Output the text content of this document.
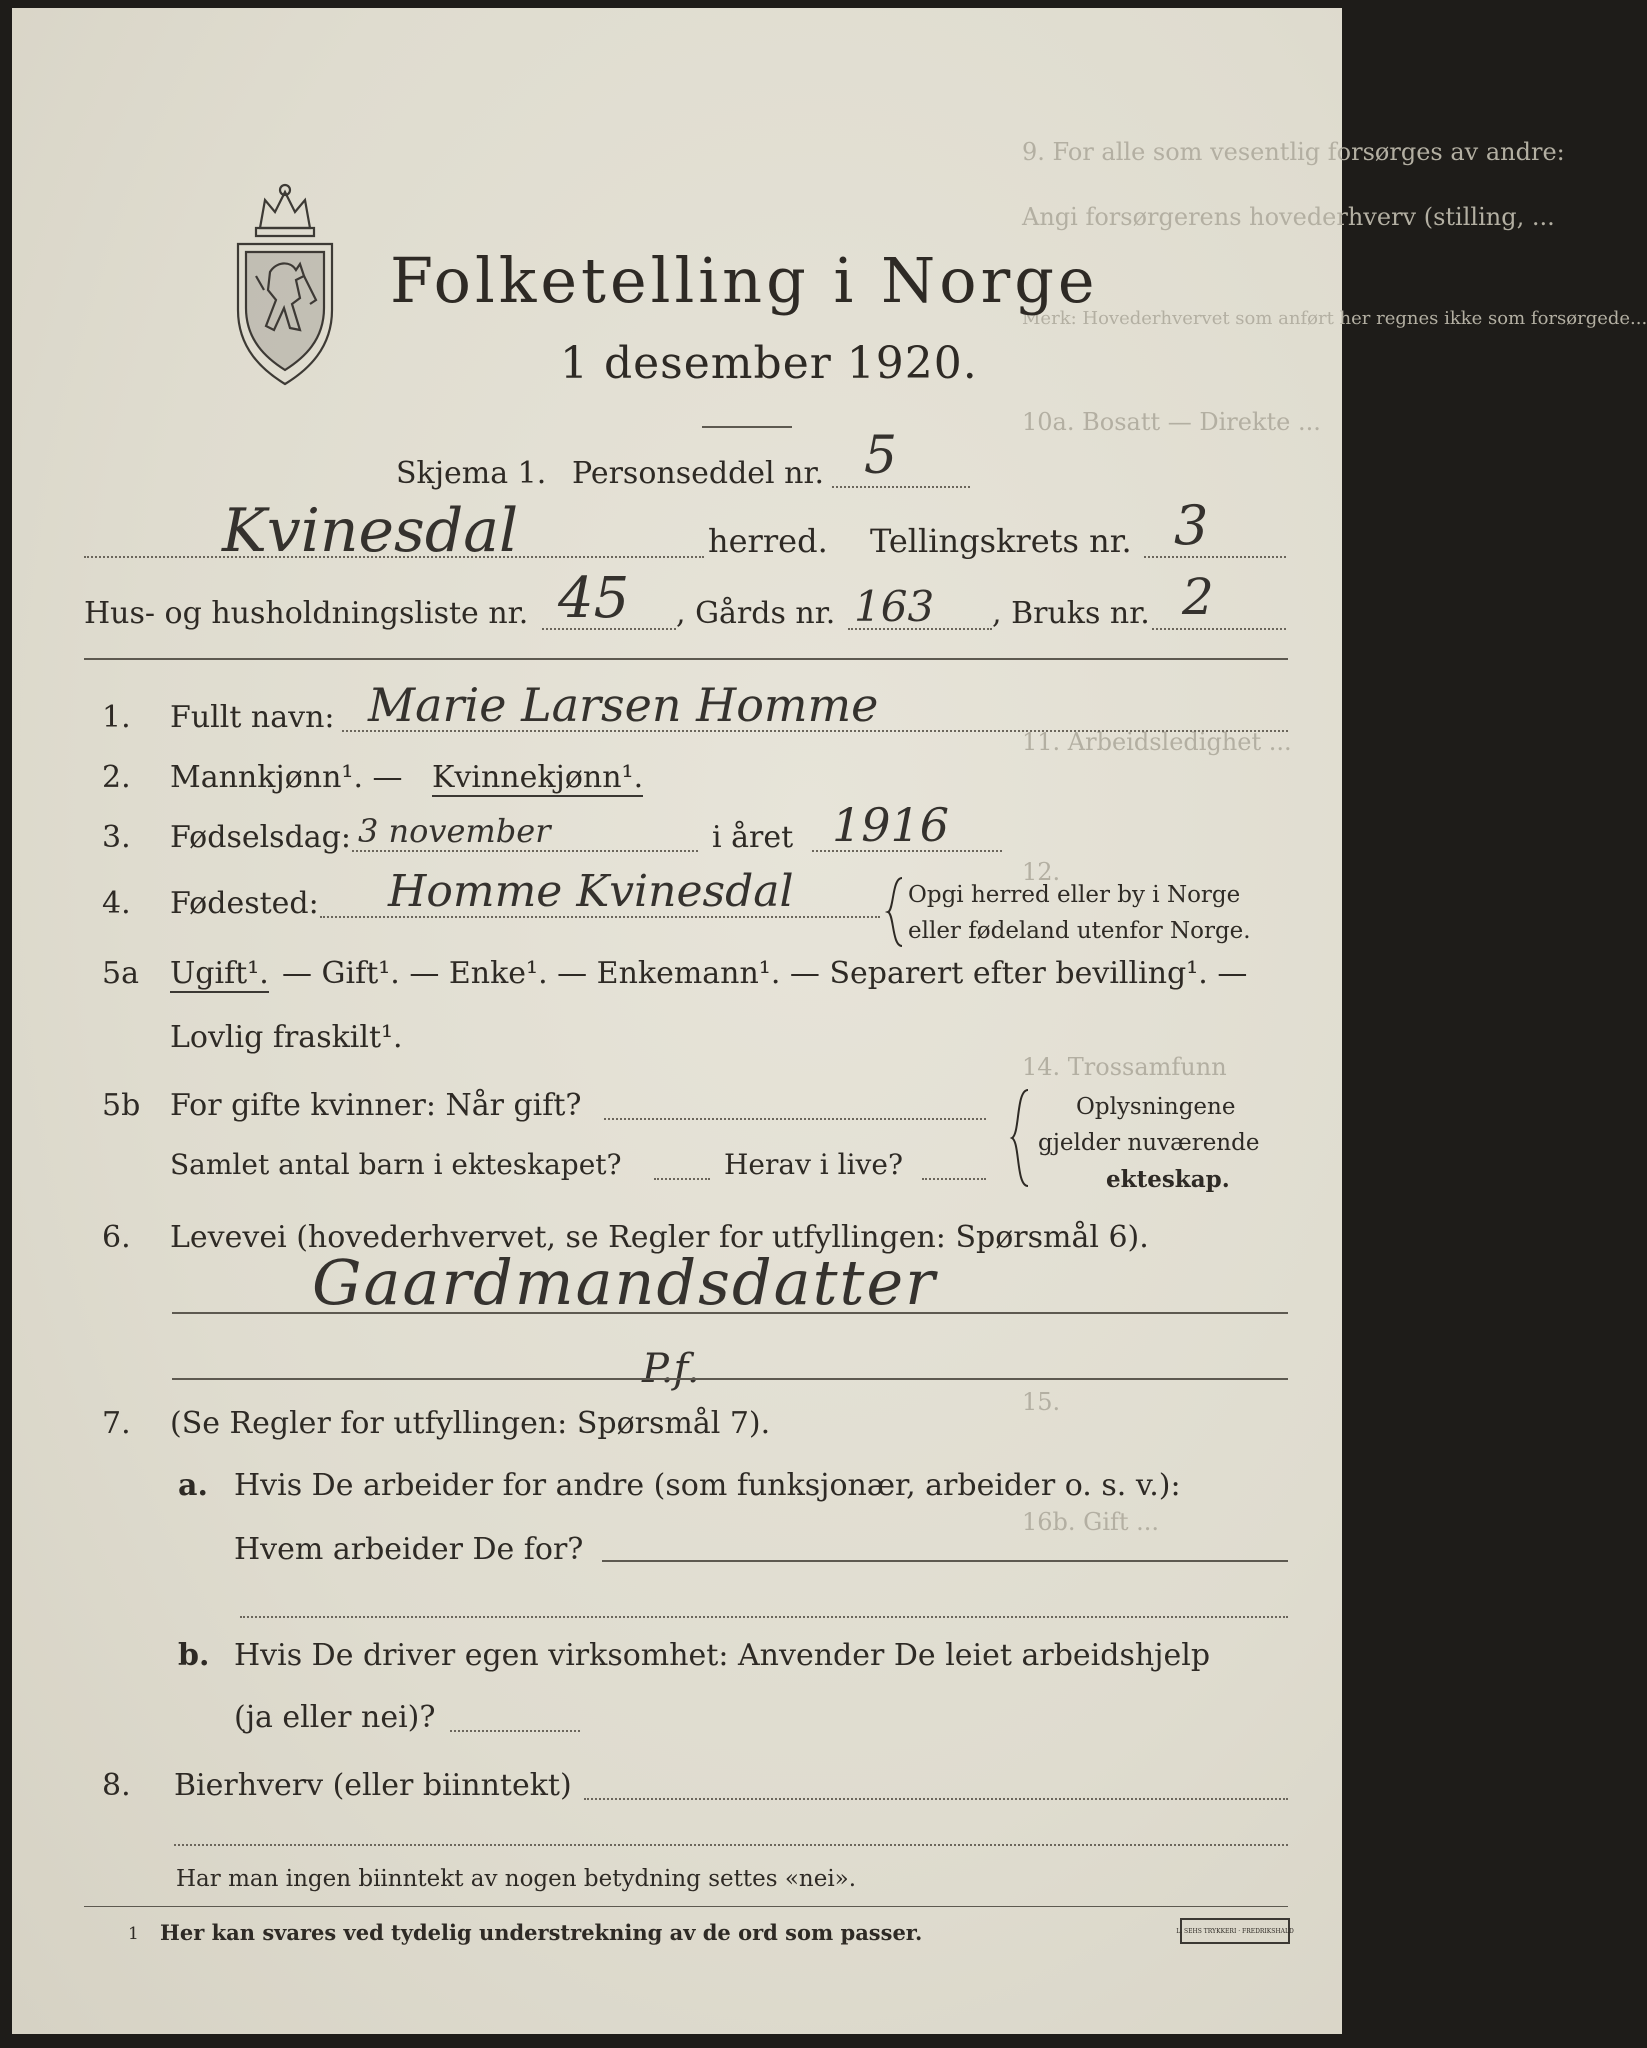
9. For alle som vesentlig forsørges av andre:
Angi forsørgerens hovederhverv (stilling, ...
Merk: Hovederhvervet som anført her regnes ikke som forsørgede...
10a. Bosatt — Direkte ...
11. Arbeidsledighet ...
12.
14. Trossamfunn
16b. Gift ...
15.
Folketelling i Norge
1 desember 1920.
Skjema 1. Personseddel nr. 5
Kvinesdal	herred. Tellingskrets nr. 3
Hus- og husholdningsliste nr. 45 , Gårds nr. 163 , Bruks nr. 2
1. Fullt navn: Marie Larsen Homme
2. Mannkjønn¹. — Kvinnekjønn¹.
3. Fødselsdag: 3 november	i året 1916
4. Fødested: Homme Kvinesdal	Opgi herred eller by i Norge
eller fødeland utenfor Norge.
5a Ugift¹. — Gift¹. — Enke¹. — Enkemann¹. — Separert efter bevilling¹. —
Lovlig fraskilt¹.
5b For gifte kvinner: Når gift?
Samlet antal barn i ekteskapet?	Herav i live?
Oplysningene
gjelder nuværende
ekteskap.
6. Levevei (hovederhvervet, se Regler for utfyllingen: Spørsmål 6).
Gaardmandsdatter
P.f.
7. (Se Regler for utfyllingen: Spørsmål 7).
a. Hvis De arbeider for andre (som funksjonær, arbeider o. s. v.):
Hvem arbeider De for?
b. Hvis De driver egen virksomhet: Anvender De leiet arbeidshjelp
(ja eller nei)?
8. Bierhverv (eller biinntekt)
Har man ingen biinntekt av nogen betydning settes «nei».
1 Her kan svares ved tydelig understrekning av de ord som passer.	L. SEHS TRYKKERI · FREDRIKSHALD
